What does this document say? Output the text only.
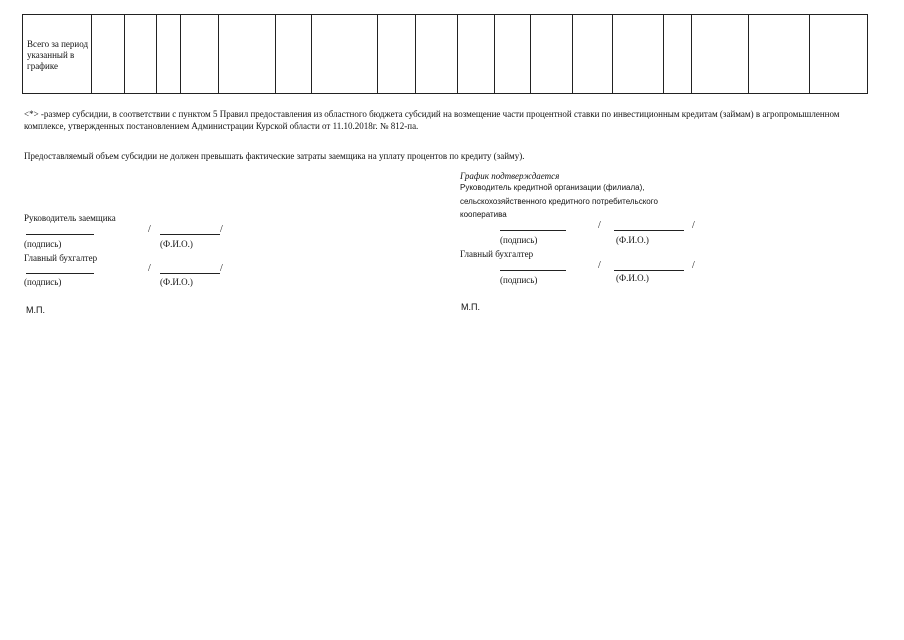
Всего за период указанный в графике
<*> -размер субсидии, в соответствии с пунктом 5 Правил предоставления из областного бюджета субсидий на возмещение части процентной ставки по инвестиционным кредитам (займам) в агропромышленном комплексе, утвержденных постановлением Администрации Курской области от 11.10.2018г. № 812-па.
Предоставляемый объем субсидии не должен превышать фактические затраты заемщика на уплату процентов по кредиту (займу).
Руководитель заемщика
/	/
(подпись)	(Ф.И.О.)
Главный бухгалтер
/	/
(подпись)	(Ф.И.О.)
М.П.
График подтверждается
Руководитель кредитной организации (филиала),
сельскохозяйственного кредитного потребительского
кооператива
/	/
(подпись)	(Ф.И.О.)
Главный бухгалтер
/	/
(подпись)	(Ф.И.О.)
М.П.
